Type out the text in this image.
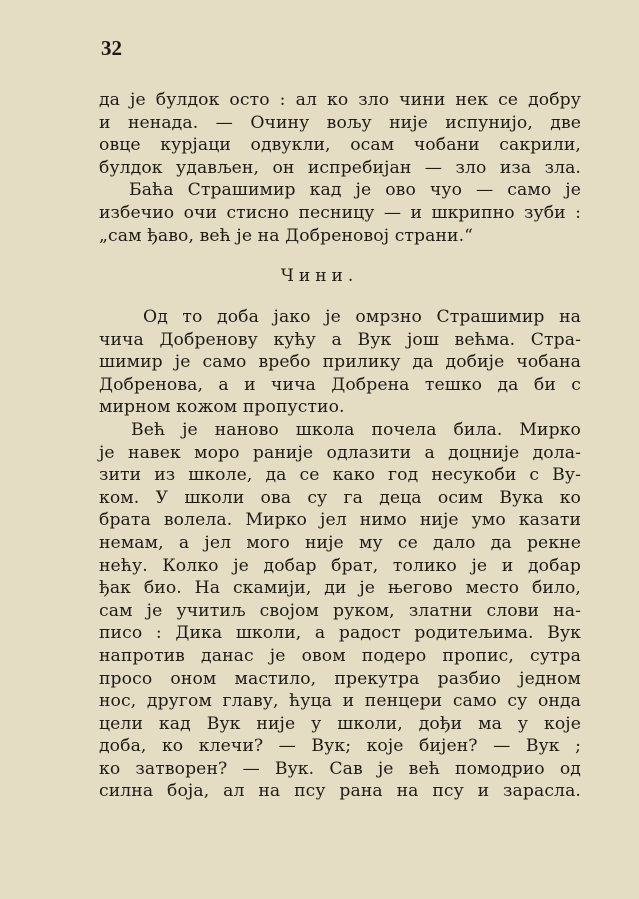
32
да је булдок осто : ал ко зло чини нек се добру
и ненада. — Очину вољу није испунијо, две
овце курјаци одвукли, осам чобани сакрили,
булдок удављен, он испребијан — зло иза зла.
Баћа Страшимир кад је ово чуо — само је
избечио очи стисно песницу — и шкрипно зуби :
„сам ђаво, већ је на Добреновој страни.“
Чини.
Од то доба јако је омрзно Страшимир на
чича Добренову кућу а Вук још већма. Стра-
шимир је само вребо прилику да добије чобана
Добренова, а и чича Добрена тешко да би с
мирном кожом пропустио.
Већ је наново школа почела била. Мирко
је навек моро раније одлазити а доцније дола-
зити из школе, да се како год несукоби с Ву-
ком. У школи ова су га деца осим Вука ко
брата волела. Мирко јел нимо није умо казати
немам, а јел мого није му се дало да рекне
нећу. Колко је добар брат, толико је и добар
ђак био. На скамији, ди је његово место било,
сам је учитиљ својом руком, златни слови на-
писо : Дика школи, а радост родитељима. Вук
напротив данас је овом подеро пропис, сутра
просо оном мастило, прекутра разбио једном
нос, другом главу, ћуца и пенцери само су онда
цели кад Вук није у школи, дођи ма у које
доба, ко клечи? — Вук; које бијен? — Вук ;
ко затворен? — Вук. Сав је већ помодрио од
силна боја, ал на псу рана на псу и зарасла.
